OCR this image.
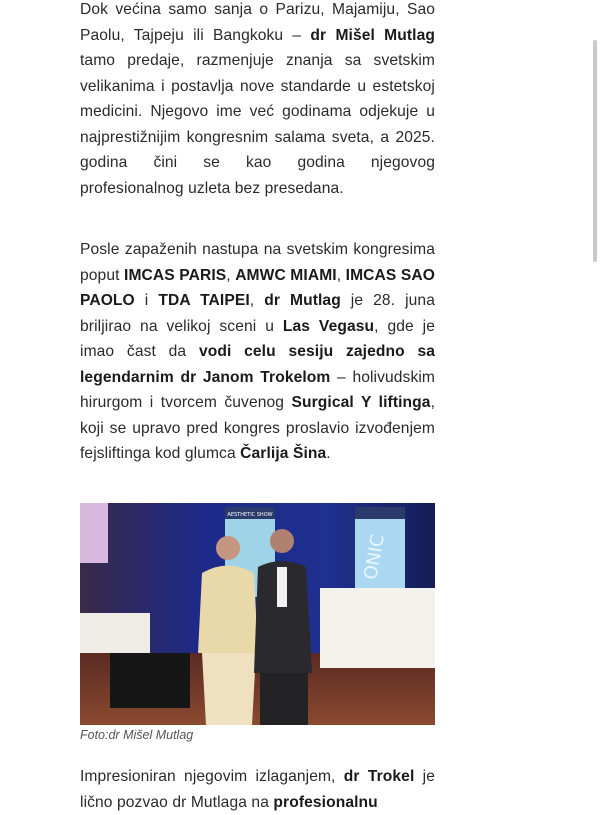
Dok većina samo sanja o Parizu, Majamiju, Sao Paolu, Tajpeju ili Bangkoku – dr Mišel Mutlag tamo predaje, razmenjuje znanja sa svetskim velikanima i postavlja nove standarde u estetskoj medicini. Njegovo ime već godinama odjekuje u najprestižnijim kongresnim salama sveta, a 2025. godina čini se kao godina njegovog profesionalnog uzleta bez presedana.

Posle zapaženih nastupa na svetskim kongresima poput IMCAS PARIS, AMWC MIAMI, IMCAS SAO PAOLO i TDA TAIPEI, dr Mutlag je 28. juna briljirao na velikoj sceni u Las Vegasu, gde je imao čast da vodi celu sesiju zajedno sa legendarnim dr Janom Trokelom – holivudskim hirurgom i tvorcem čuvenog Surgical Y liftinga, koji se upravo pred kongres proslavio izvođenjem fejsliftinga kod glumca Čarlija Šina.

Impresioniran njegovim izlaganjem, dr Trokel je lično pozvao dr Mutlaga na profesionalnu

AESTHETIC SHOW
ONIC
Foto:dr Mišel Mutlag
